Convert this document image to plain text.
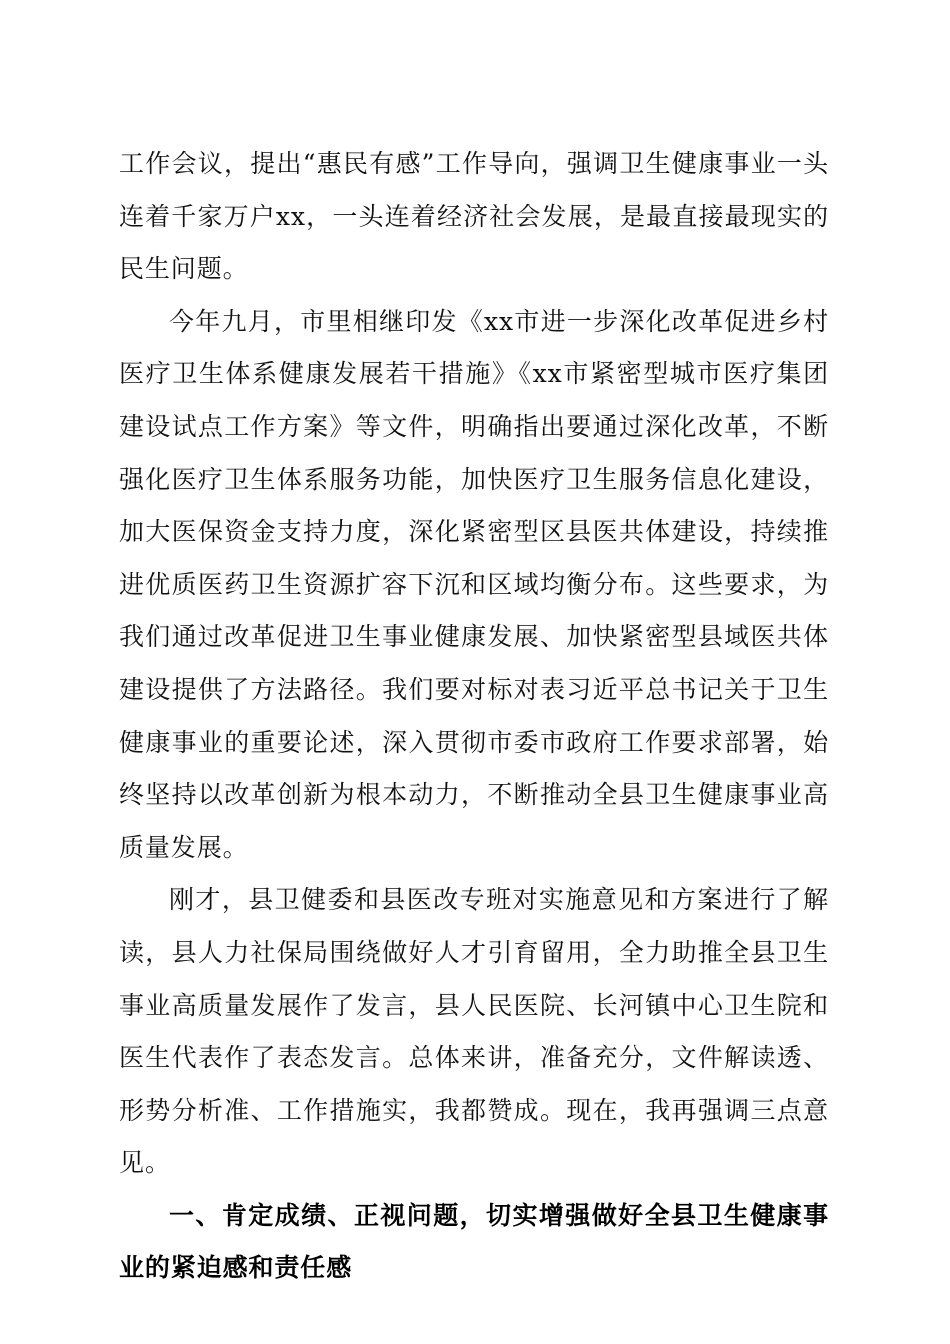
工作会议，提出“惠民有感”工作导向，强调卫生健康事业一头连着千家万户xx，一头连着经济社会发展，是最直接最现实的民生问题。

今年九月，市里相继印发《xx市进一步深化改革促进乡村医疗卫生体系健康发展若干措施》《xx市紧密型城市医疗集团建设试点工作方案》等文件，明确指出要通过深化改革，不断强化医疗卫生体系服务功能，加快医疗卫生服务信息化建设，加大医保资金支持力度，深化紧密型区县医共体建设，持续推进优质医药卫生资源扩容下沉和区域均衡分布。这些要求，为我们通过改革促进卫生事业健康发展、加快紧密型县域医共体建设提供了方法路径。我们要对标对表习近平总书记关于卫生健康事业的重要论述，深入贯彻市委市政府工作要求部署，始终坚持以改革创新为根本动力，不断推动全县卫生健康事业高质量发展。

刚才，县卫健委和县医改专班对实施意见和方案进行了解读，县人力社保局围绕做好人才引育留用，全力助推全县卫生事业高质量发展作了发言，县人民医院、长河镇中心卫生院和医生代表作了表态发言。总体来讲，准备充分，文件解读透、形势分析准、工作措施实，我都赞成。现在，我再强调三点意见。

一、肯定成绩、正视问题，切实增强做好全县卫生健康事业的紧迫感和责任感
